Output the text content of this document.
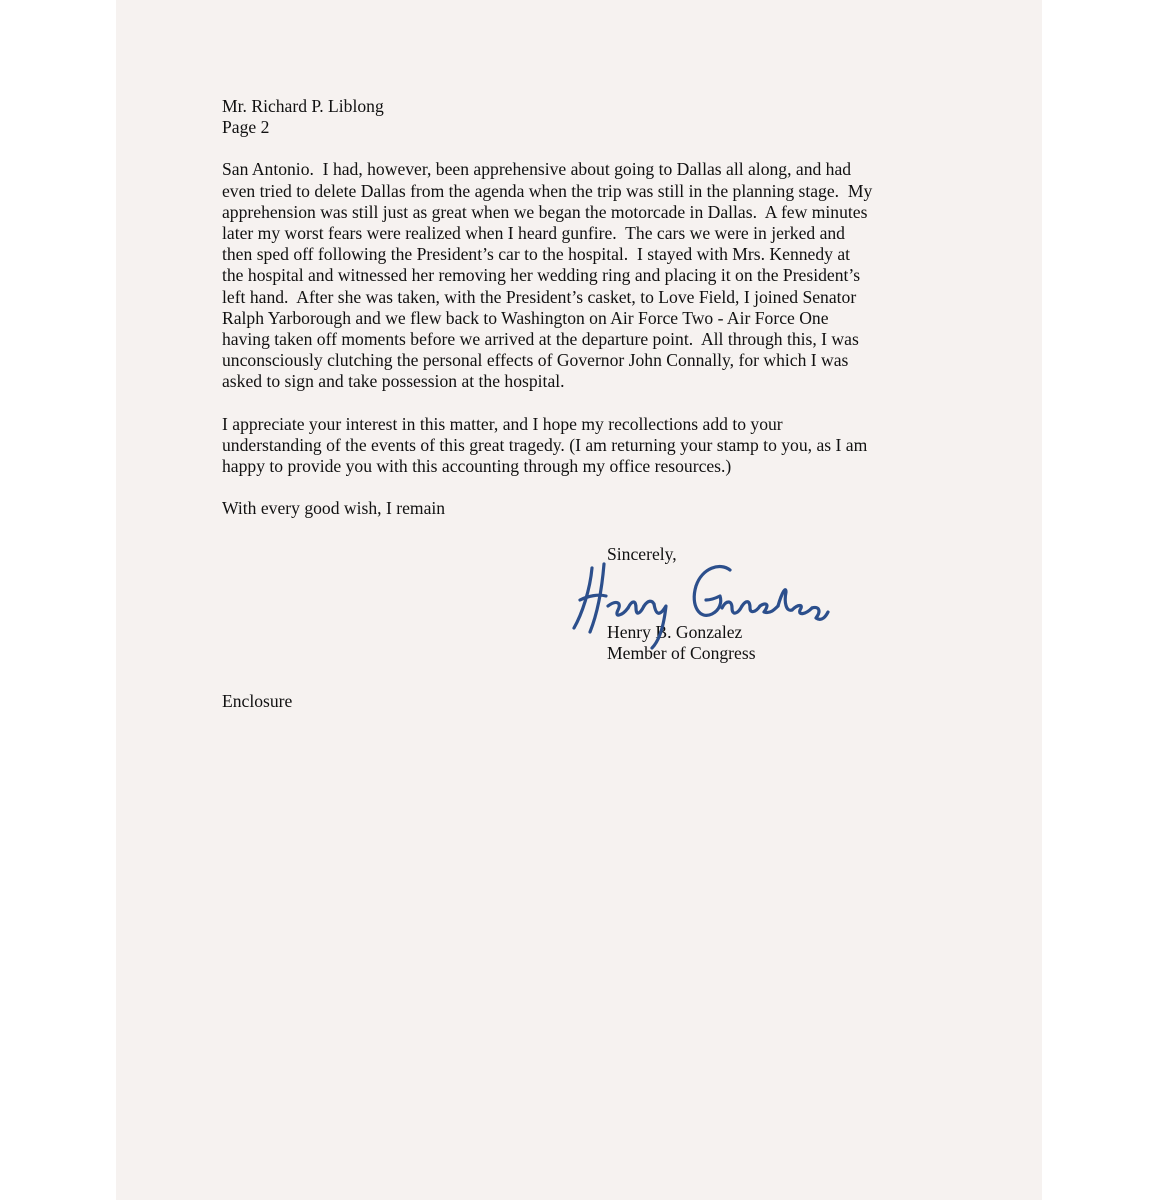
Mr. Richard P. Liblong
Page 2
San Antonio.  I had, however, been apprehensive about going to Dallas all along, and had
even tried to delete Dallas from the agenda when the trip was still in the planning stage.  My
apprehension was still just as great when we began the motorcade in Dallas.  A few minutes
later my worst fears were realized when I heard gunfire.  The cars we were in jerked and
then sped off following the President’s car to the hospital.  I stayed with Mrs. Kennedy at
the hospital and witnessed her removing her wedding ring and placing it on the President’s
left hand.  After she was taken, with the President’s casket, to Love Field, I joined Senator
Ralph Yarborough and we flew back to Washington on Air Force Two - Air Force One
having taken off moments before we arrived at the departure point.  All through this, I was
unconsciously clutching the personal effects of Governor John Connally, for which I was
asked to sign and take possession at the hospital.
I appreciate your interest in this matter, and I hope my recollections add to your
understanding of the events of this great tragedy. (I am returning your stamp to you, as I am
happy to provide you with this accounting through my office resources.)
With every good wish, I remain
Sincerely,
Henry B. Gonzalez
Member of Congress
Enclosure
